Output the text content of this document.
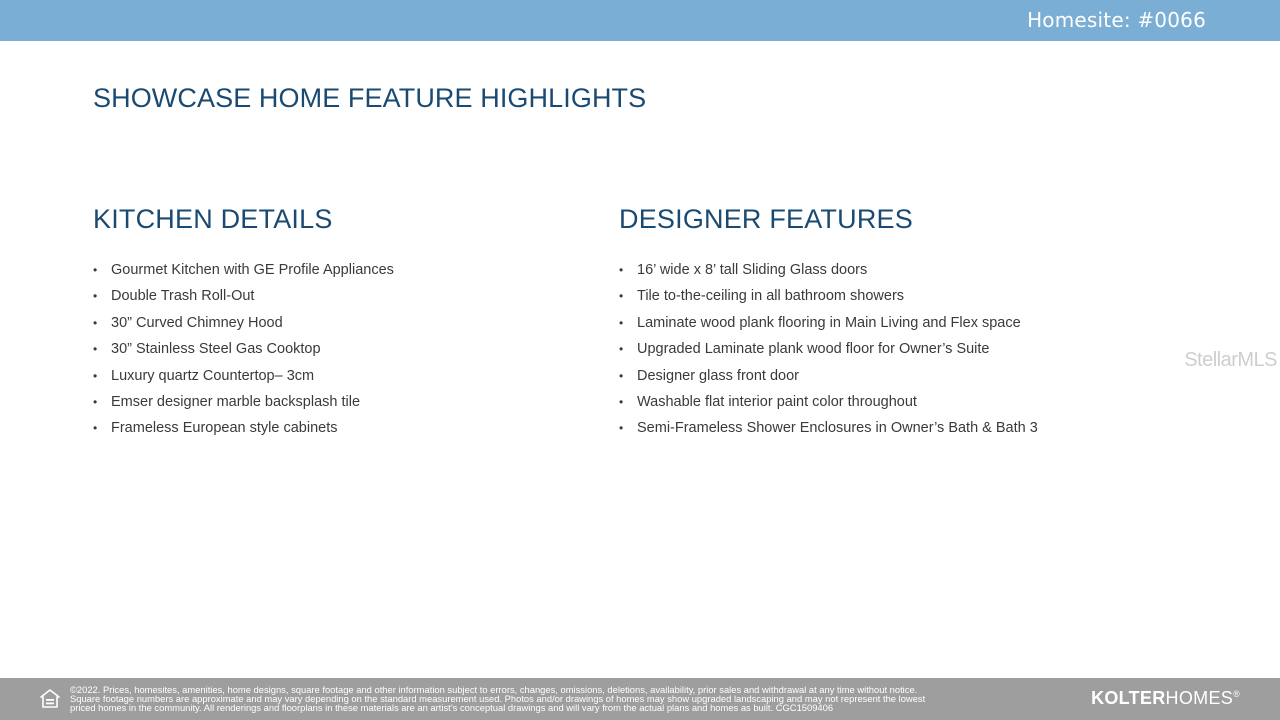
Homesite: #0066
SHOWCASE HOME FEATURE HIGHLIGHTS
KITCHEN DETAILS
• Gourmet Kitchen with GE Profile Appliances
• Double Trash Roll-Out
• 30” Curved Chimney Hood
• 30” Stainless Steel Gas Cooktop
• Luxury quartz Countertop– 3cm
• Emser designer marble backsplash tile
• Frameless European style cabinets
DESIGNER FEATURES
• 16’ wide x 8’ tall Sliding Glass doors
• Tile to-the-ceiling in all bathroom showers
• Laminate wood plank flooring in Main Living and Flex space
• Upgraded Laminate plank wood floor for Owner’s Suite
• Designer glass front door
• Washable flat interior paint color throughout
• Semi-Frameless Shower Enclosures in Owner’s Bath & Bath 3
StellarMLS
©2022. Prices, homesites, amenities, home designs, square footage and other information subject to errors, changes, omissions, deletions, availability, prior sales and withdrawal at any time without notice.
Square footage numbers are approximate and may vary depending on the standard measurement used. Photos and/or drawings of homes may show upgraded landscaping and may not represent the lowest
priced homes in the community. All renderings and floorplans in these materials are an artist’s conceptual drawings and will vary from the actual plans and homes as built. CGC1509406	KOLTERHOMES®
